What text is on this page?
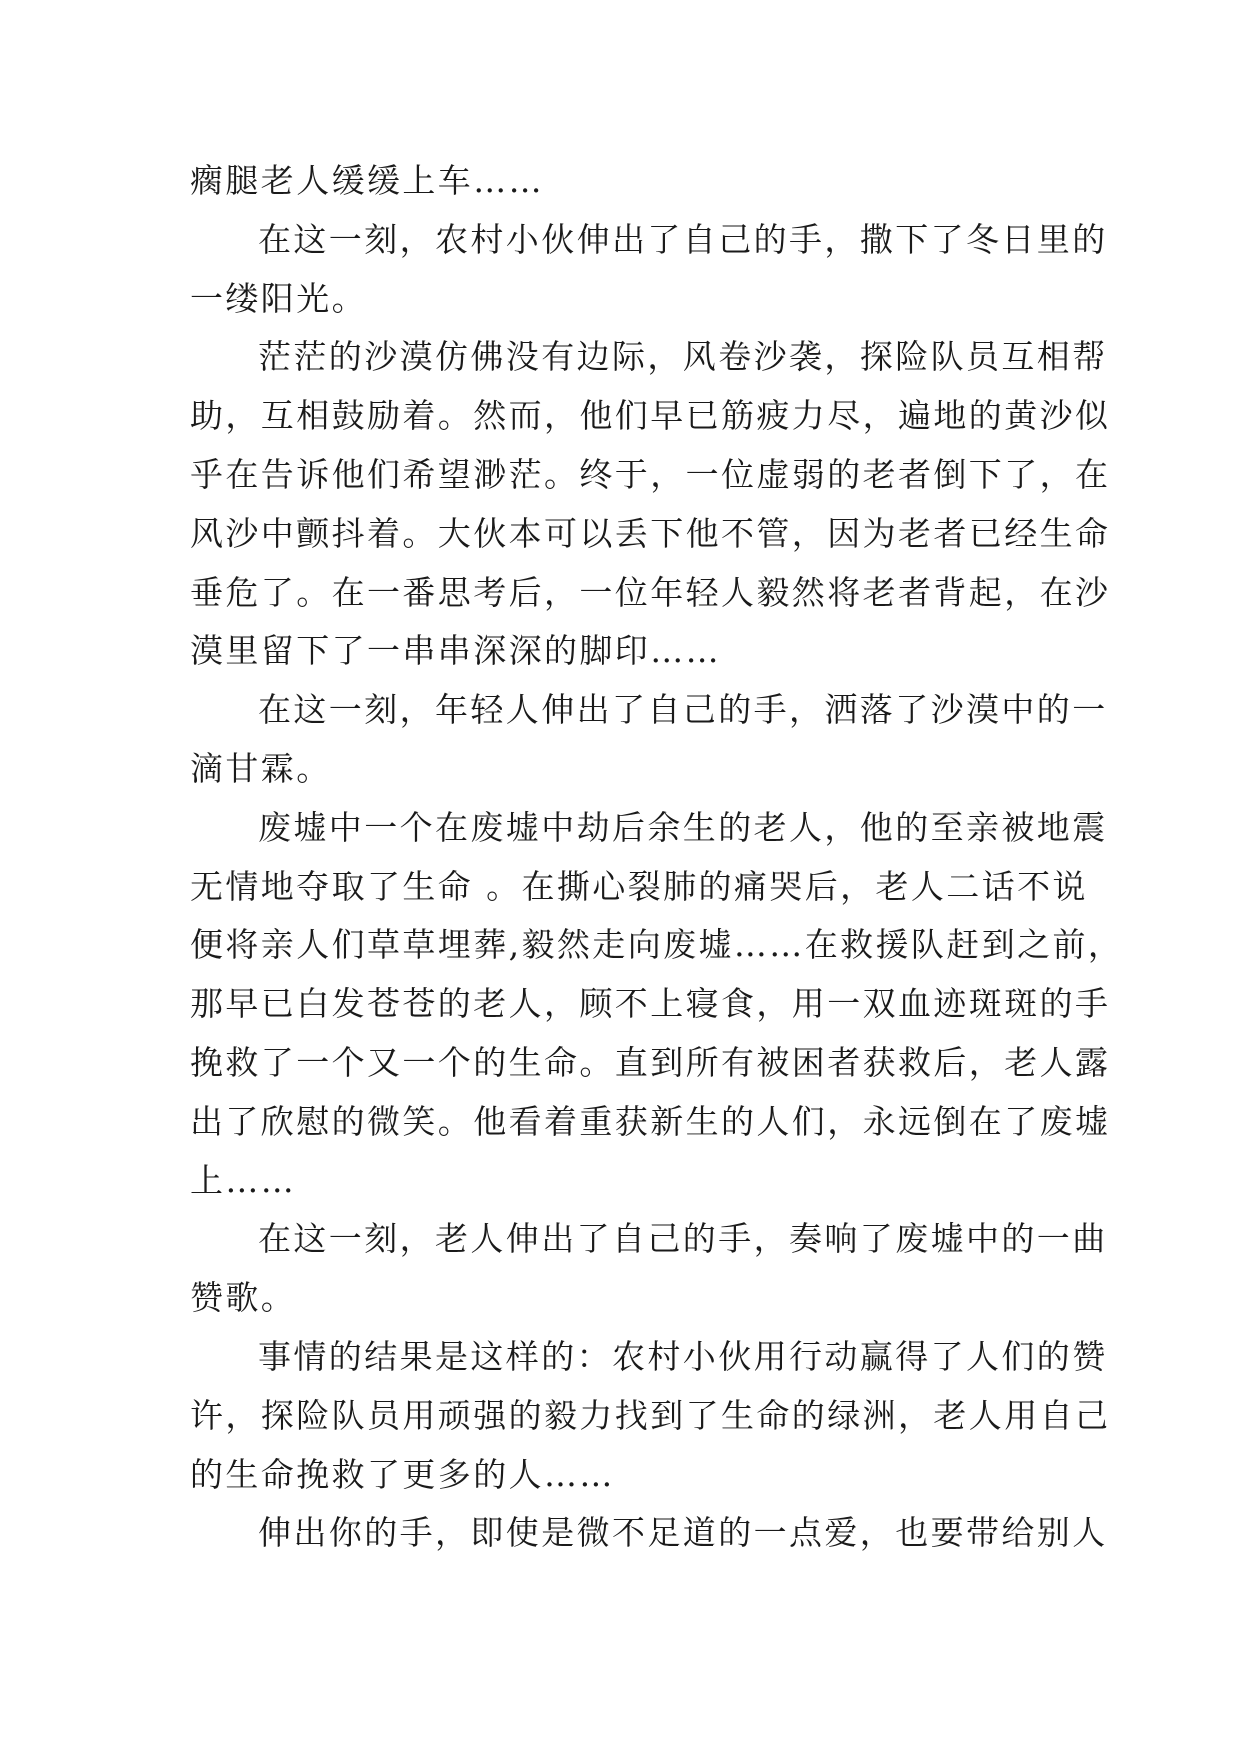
瘸腿老人缓缓上车……
在这一刻，农村小伙伸出了自己的手，撒下了冬日里的
一缕阳光。
茫茫的沙漠仿佛没有边际，风卷沙袭，探险队员互相帮
助，互相鼓励着。然而，他们早已筋疲力尽，遍地的黄沙似
乎在告诉他们希望渺茫。终于，一位虚弱的老者倒下了，在
风沙中颤抖着。大伙本可以丢下他不管，因为老者已经生命
垂危了。在一番思考后，一位年轻人毅然将老者背起，在沙
漠里留下了一串串深深的脚印……
在这一刻，年轻人伸出了自己的手，洒落了沙漠中的一
滴甘霖。
废墟中一个在废墟中劫后余生的老人，他的至亲被地震
无情地夺取了生命 。在撕心裂肺的痛哭后，老人二话不说
便将亲人们草草埋葬,毅然走向废墟……在救援队赶到之前，
那早已白发苍苍的老人，顾不上寝食，用一双血迹斑斑的手
挽救了一个又一个的生命。直到所有被困者获救后，老人露
出了欣慰的微笑。他看着重获新生的人们，永远倒在了废墟
上……
在这一刻，老人伸出了自己的手，奏响了废墟中的一曲
赞歌。
事情的结果是这样的：农村小伙用行动赢得了人们的赞
许，探险队员用顽强的毅力找到了生命的绿洲，老人用自己
的生命挽救了更多的人……
伸出你的手，即使是微不足道的一点爱，也要带给别人
